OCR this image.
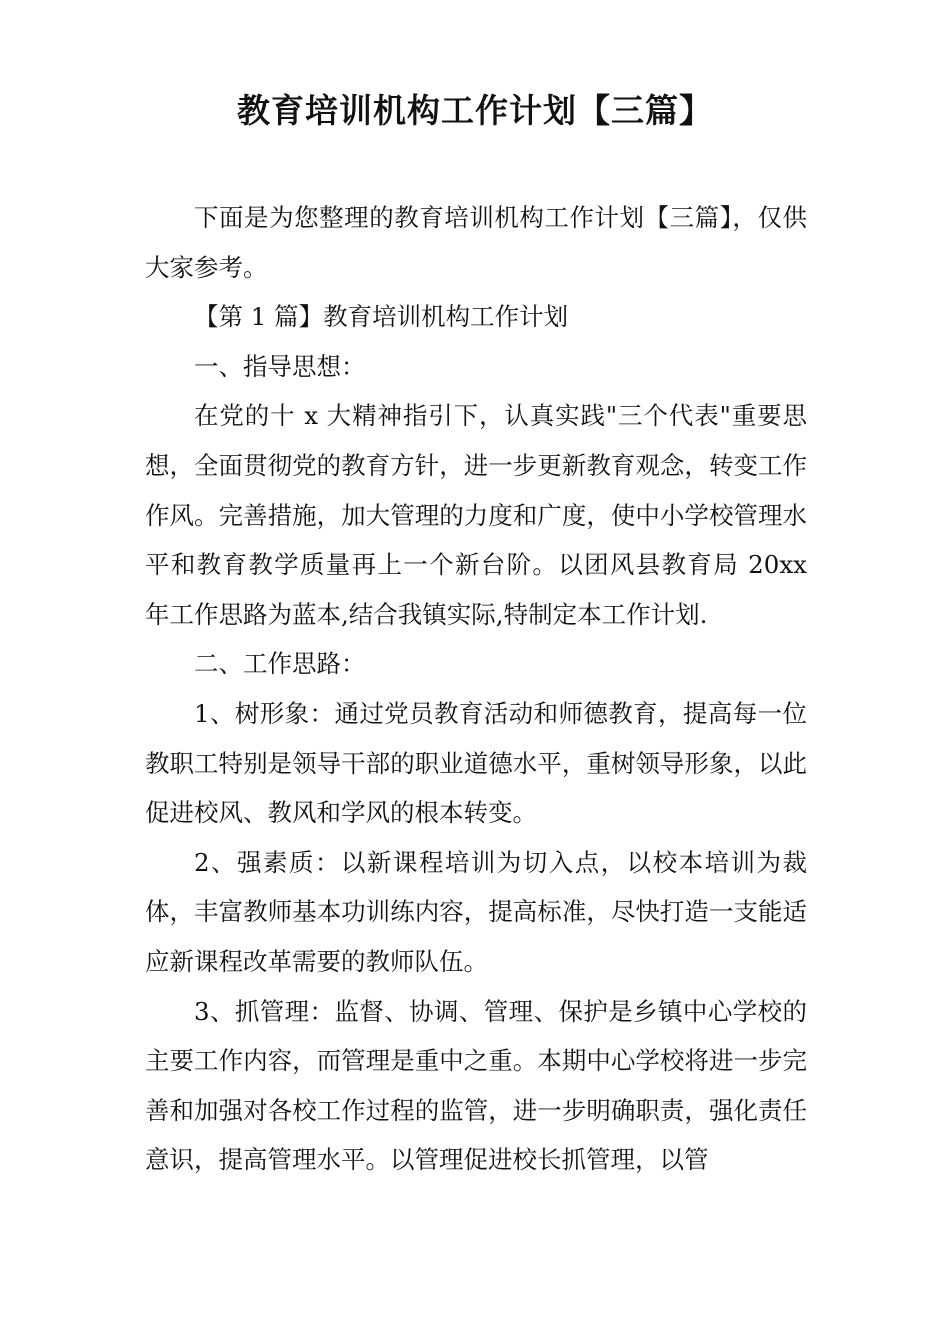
教育培训机构工作计划【三篇】

下面是为您整理的教育培训机构工作计划【三篇】，仅供大家参考。

【第 1 篇】教育培训机构工作计划

一、指导思想：

在党的十 x 大精神指引下，认真实践"三个代表"重要思想，全面贯彻党的教育方针，进一步更新教育观念，转变工作作风。完善措施，加大管理的力度和广度，使中小学校管理水平和教育教学质量再上一个新台阶。以团风县教育局 20xx 年工作思路为蓝本,结合我镇实际,特制定本工作计划.

二、工作思路：

1、树形象：通过党员教育活动和师德教育，提高每一位教职工特别是领导干部的职业道德水平，重树领导形象，以此促进校风、教风和学风的根本转变。

2、强素质：以新课程培训为切入点，以校本培训为裁体，丰富教师基本功训练内容，提高标准，尽快打造一支能适应新课程改革需要的教师队伍。

3、抓管理：监督、协调、管理、保护是乡镇中心学校的主要工作内容，而管理是重中之重。本期中心学校将进一步完善和加强对各校工作过程的监管，进一步明确职责，强化责任意识，提高管理水平。以管理促进校长抓管理，以管
